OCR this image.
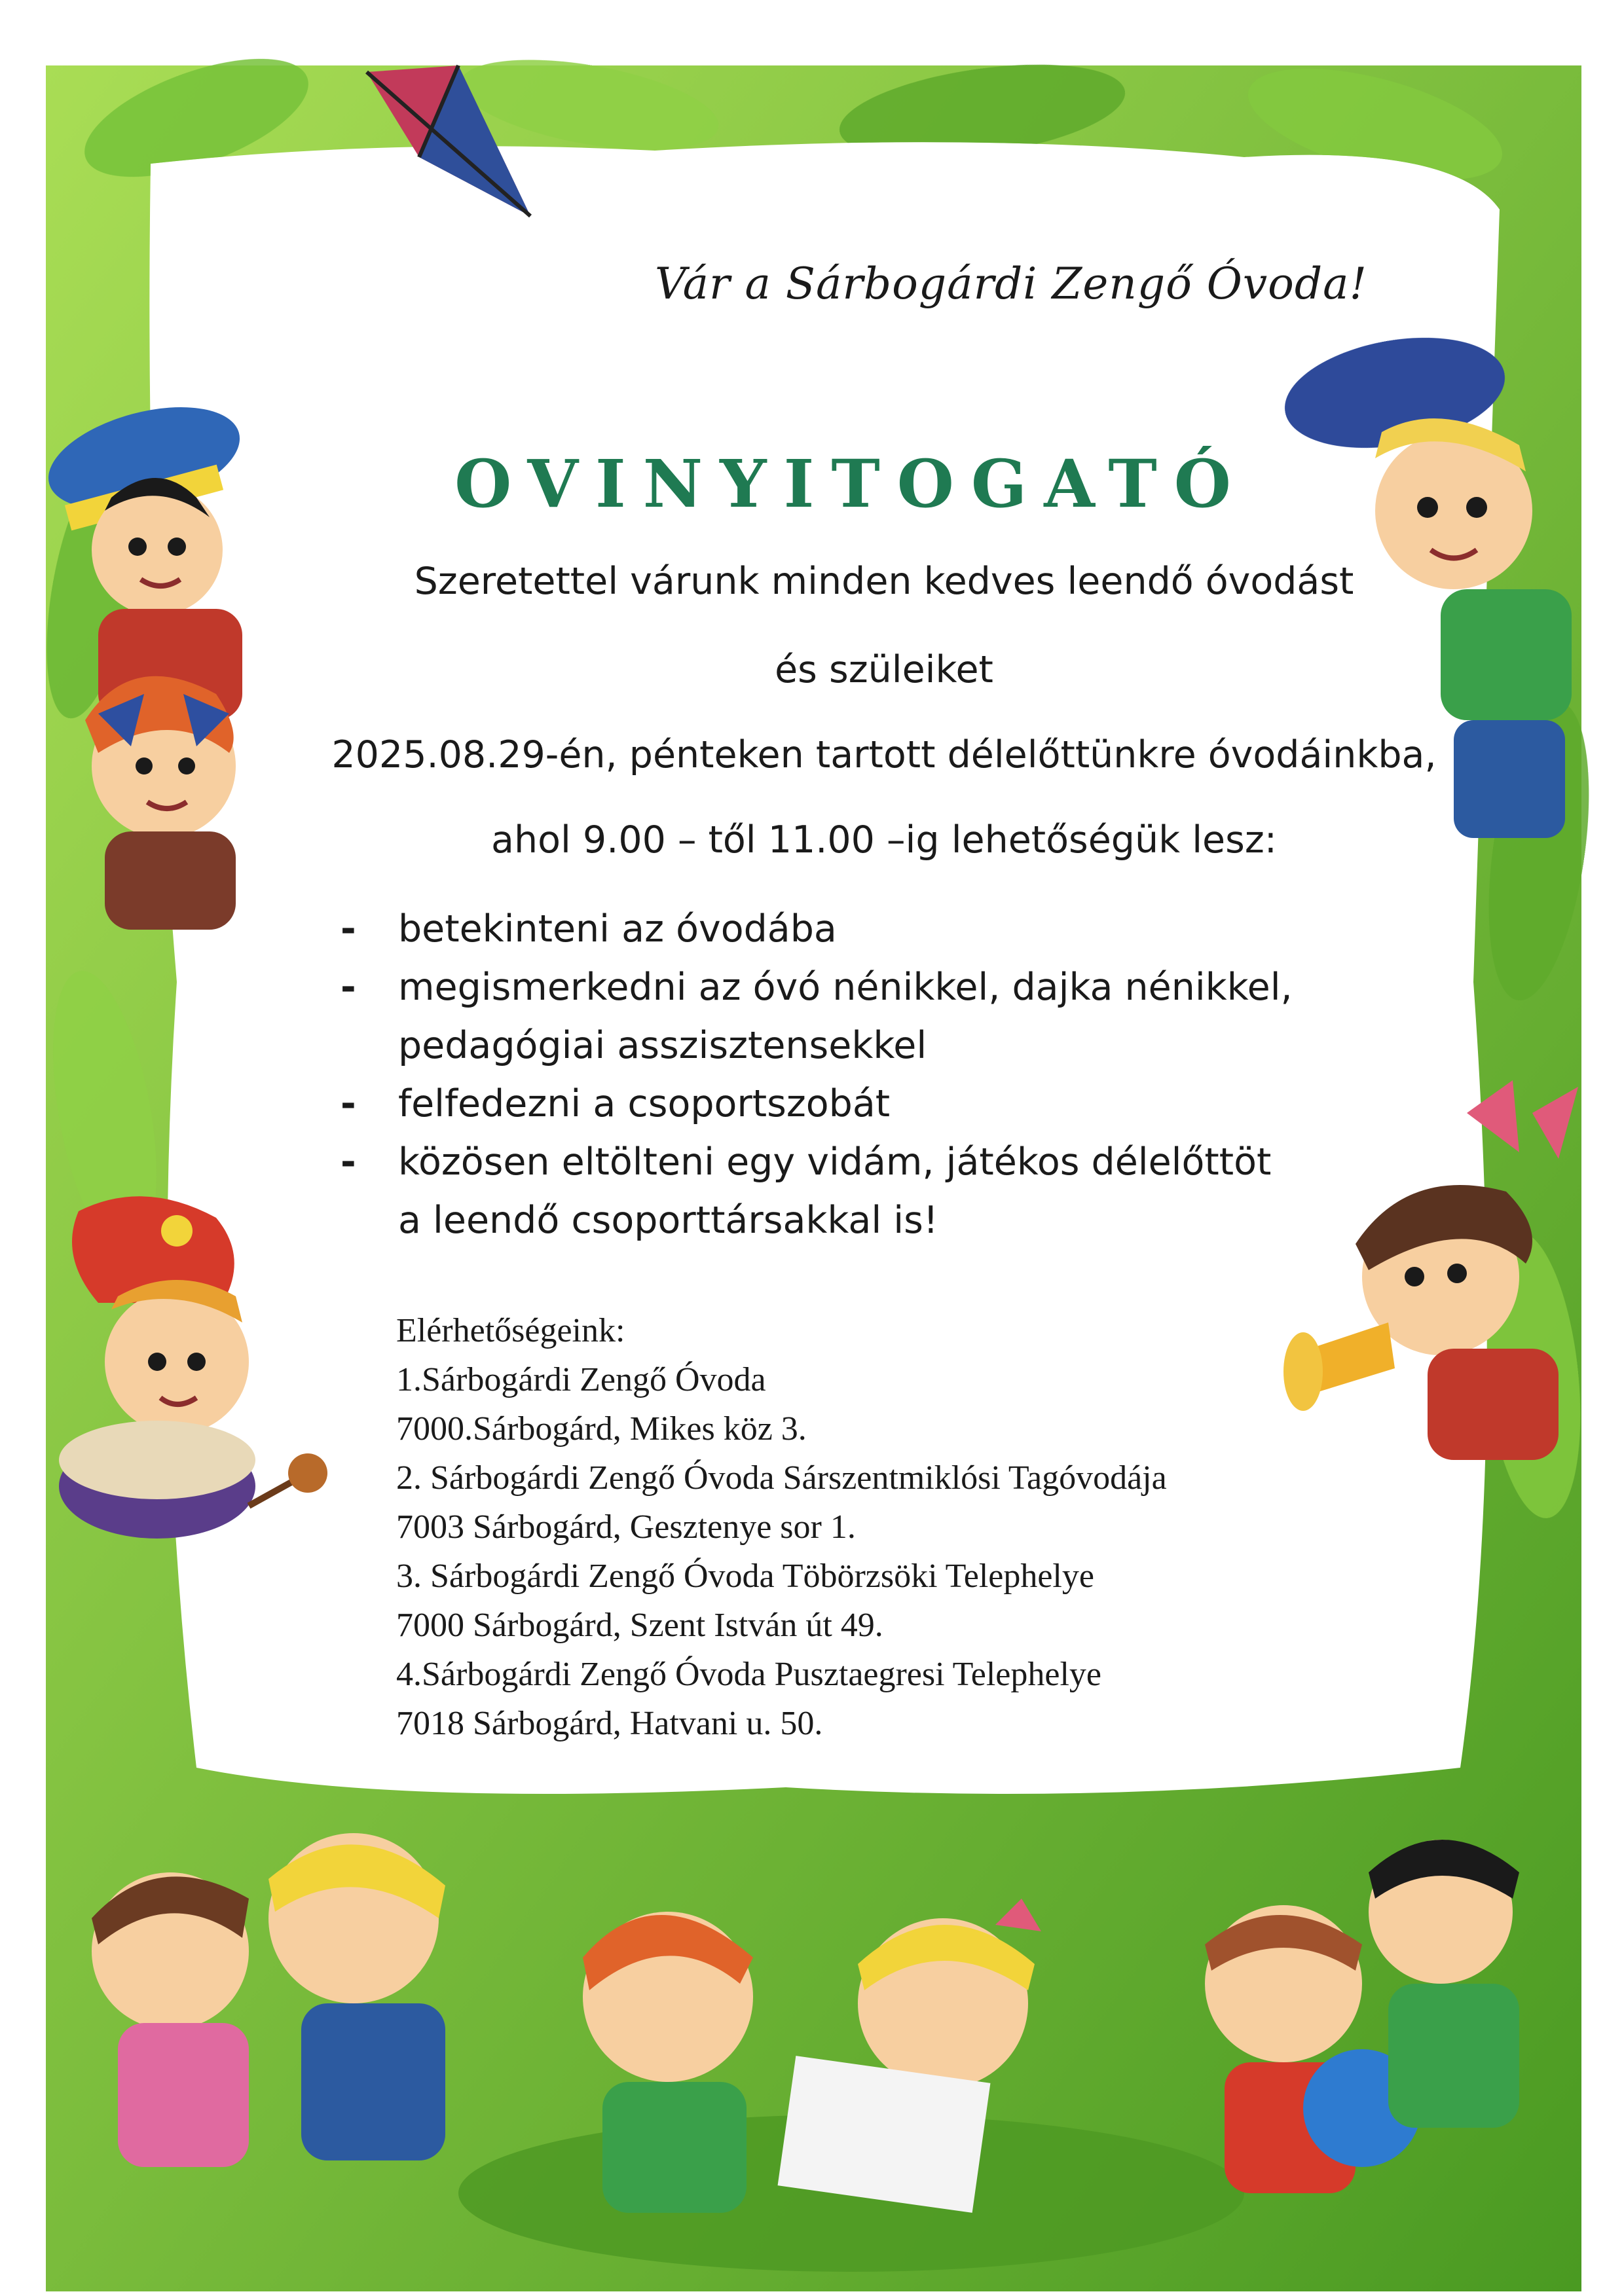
Vár a Sárbogárdi Zengő Óvoda!
OVINYITOGATÓ
Szeretettel várunk minden kedves leendő óvodást
és szüleiket
2025.08.29-én, pénteken tartott délelőttünkre óvodáinkba,
ahol 9.00 – től 11.00 –ig lehetőségük lesz:
- betekinteni az óvodába
- megismerkedni az óvó nénikkel, dajka nénikkel,
pedagógiai asszisztensekkel
- felfedezni a csoportszobát
- közösen eltölteni egy vidám, játékos délelőttöt
a leendő csoporttársakkal is!
Elérhetőségeink:
1.Sárbogárdi Zengő Óvoda
7000.Sárbogárd, Mikes köz 3.
2. Sárbogárdi Zengő Óvoda Sárszentmiklósi Tagóvodája
7003 Sárbogárd, Gesztenye sor 1.
3. Sárbogárdi Zengő Óvoda Töbörzsöki Telephelye
7000 Sárbogárd, Szent István út 49.
4.Sárbogárdi Zengő Óvoda Pusztaegresi Telephelye
7018 Sárbogárd, Hatvani u. 50.
